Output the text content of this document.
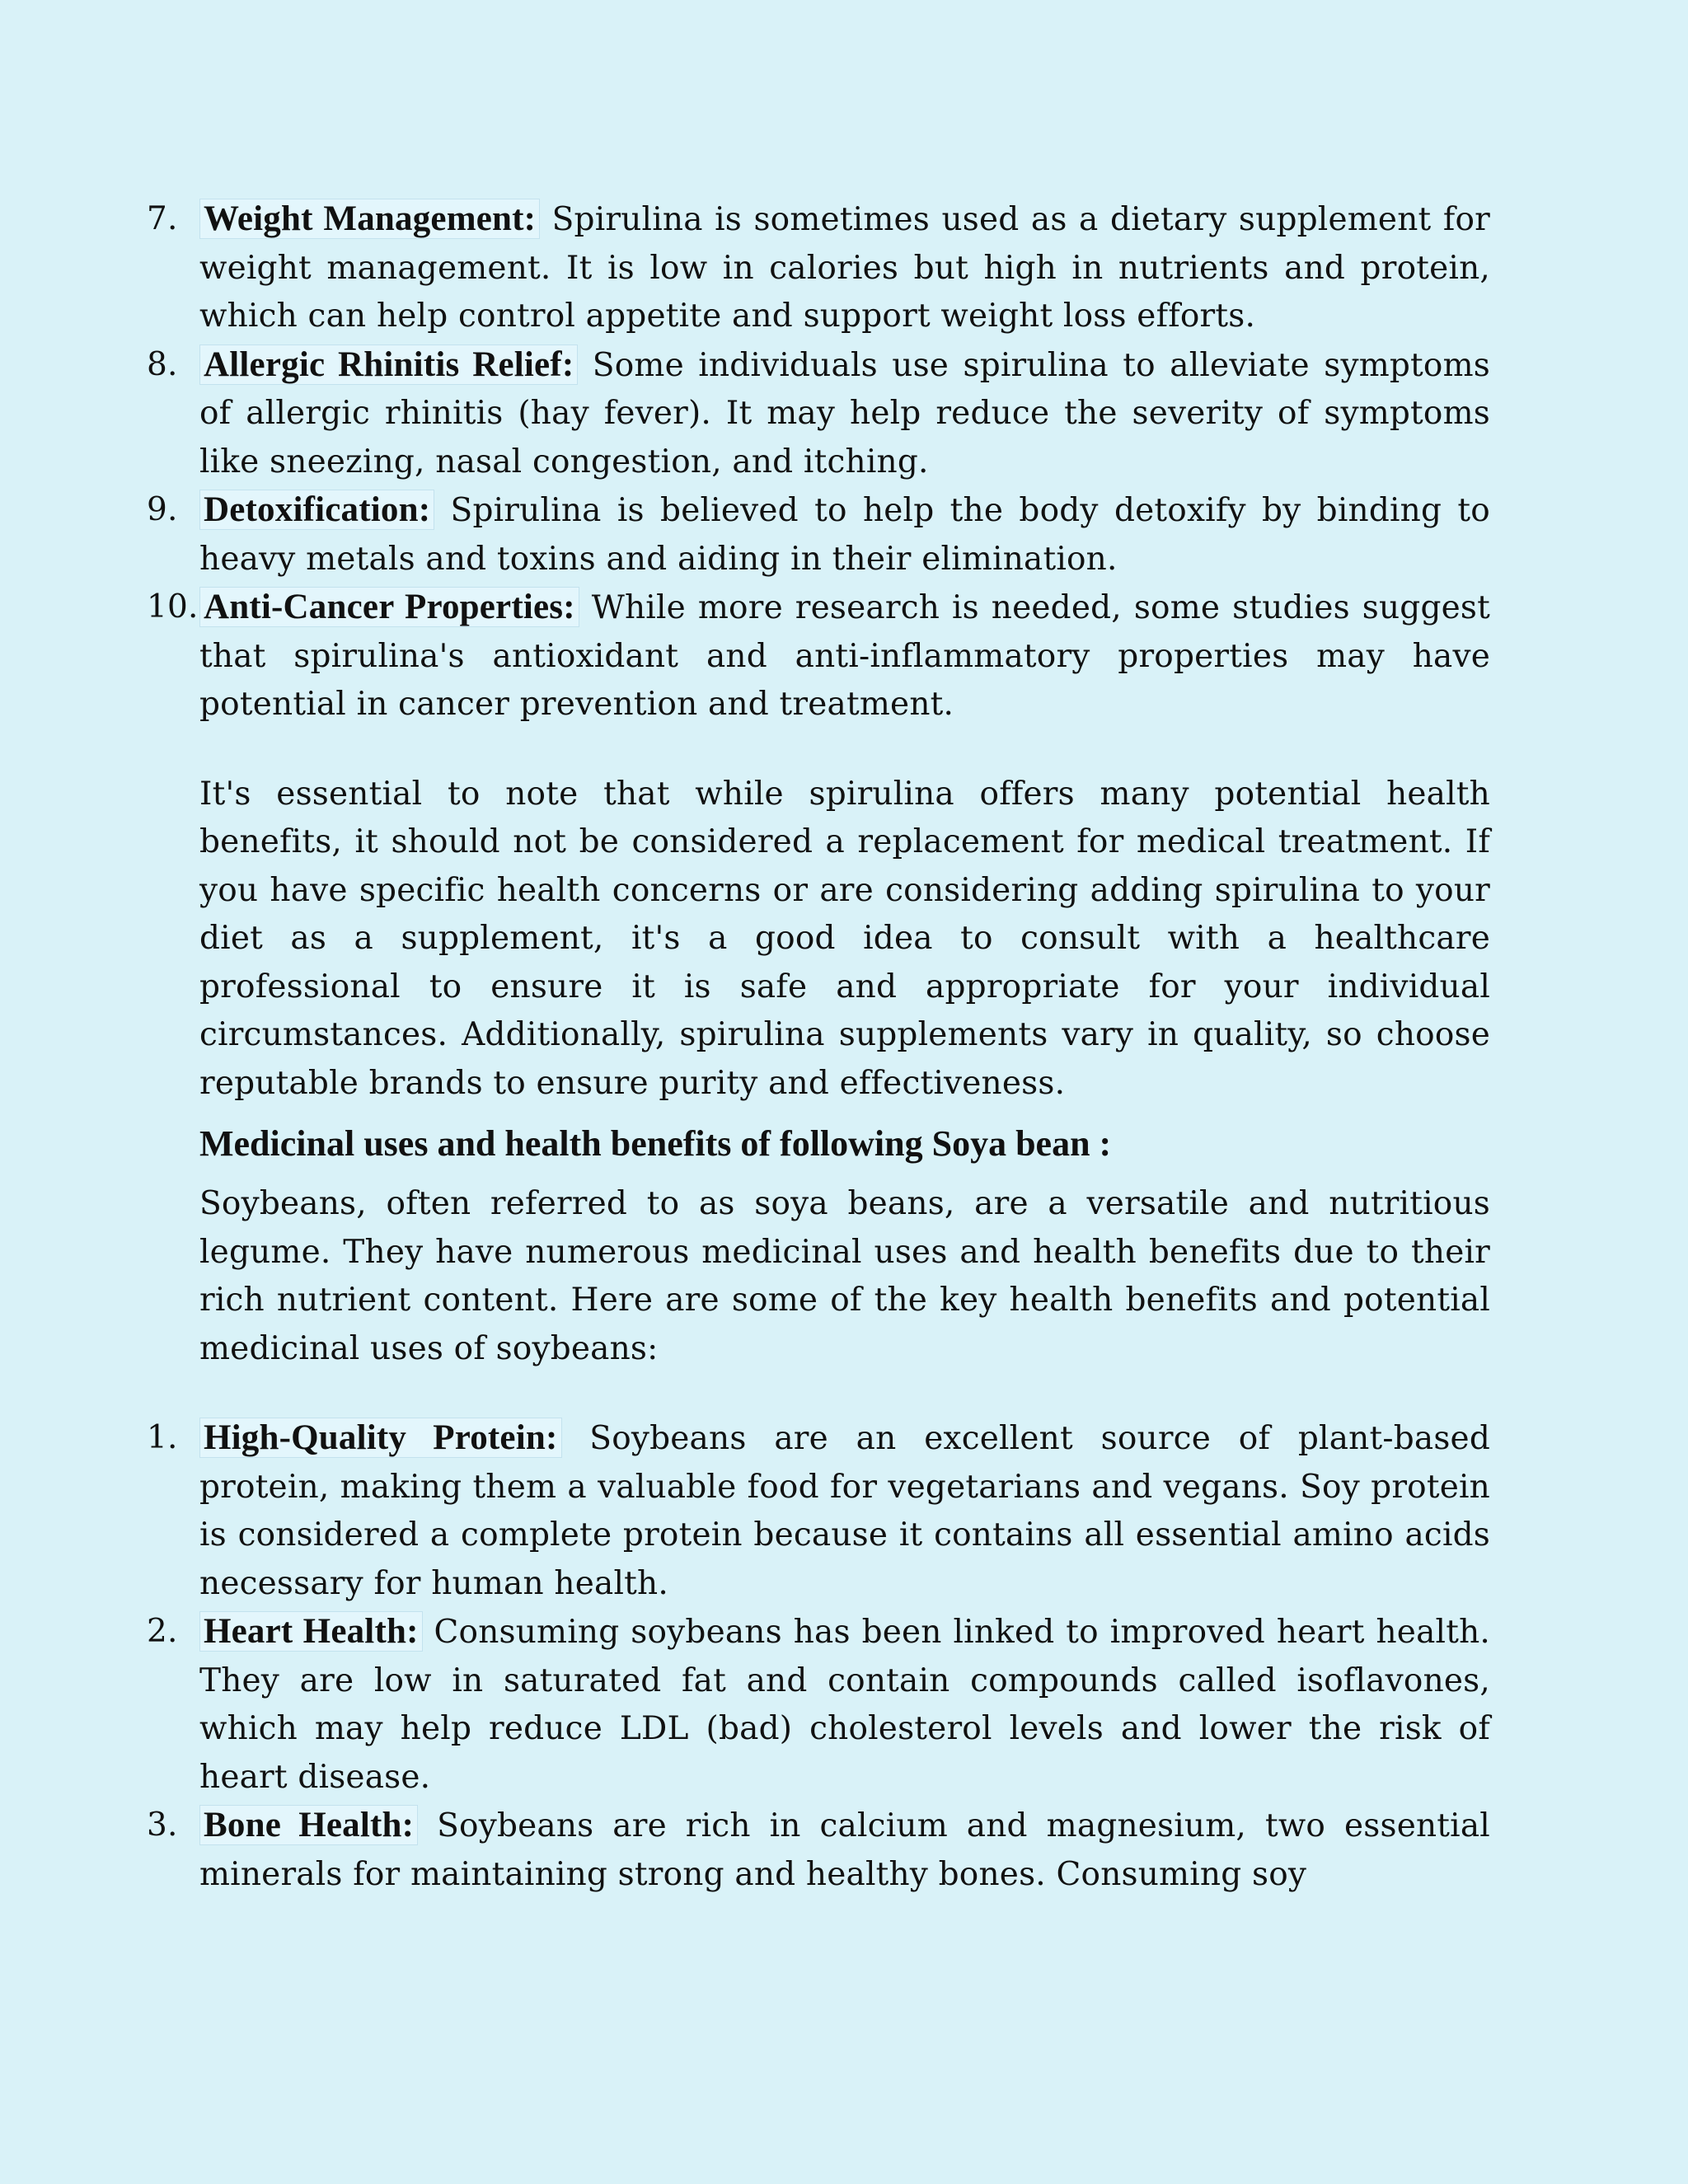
7. Weight Management: Spirulina is sometimes used as a dietary supplement for weight management. It is low in calories but high in nutrients and protein, which can help control appetite and support weight loss efforts.
8. Allergic Rhinitis Relief: Some individuals use spirulina to alleviate symptoms of allergic rhinitis (hay fever). It may help reduce the severity of symptoms like sneezing, nasal congestion, and itching.
9. Detoxification: Spirulina is believed to help the body detoxify by binding to heavy metals and toxins and aiding in their elimination.
10. Anti-Cancer Properties: While more research is needed, some studies suggest that spirulina's antioxidant and anti-inflammatory properties may have potential in cancer prevention and treatment.

It's essential to note that while spirulina offers many potential health benefits, it should not be considered a replacement for medical treatment. If you have specific health concerns or are considering adding spirulina to your diet as a supplement, it's a good idea to consult with a healthcare professional to ensure it is safe and appropriate for your individual circumstances. Additionally, spirulina supplements vary in quality, so choose reputable brands to ensure purity and effectiveness.

Medicinal uses and health benefits of following Soya bean :

Soybeans, often referred to as soya beans, are a versatile and nutritious legume. They have numerous medicinal uses and health benefits due to their rich nutrient content. Here are some of the key health benefits and potential medicinal uses of soybeans:

1. High-Quality Protein: Soybeans are an excellent source of plant-based protein, making them a valuable food for vegetarians and vegans. Soy protein is considered a complete protein because it contains all essential amino acids necessary for human health.
2. Heart Health: Consuming soybeans has been linked to improved heart health. They are low in saturated fat and contain compounds called isoflavones, which may help reduce LDL (bad) cholesterol levels and lower the risk of heart disease.
3. Bone Health: Soybeans are rich in calcium and magnesium, two essential minerals for maintaining strong and healthy bones. Consuming soy
